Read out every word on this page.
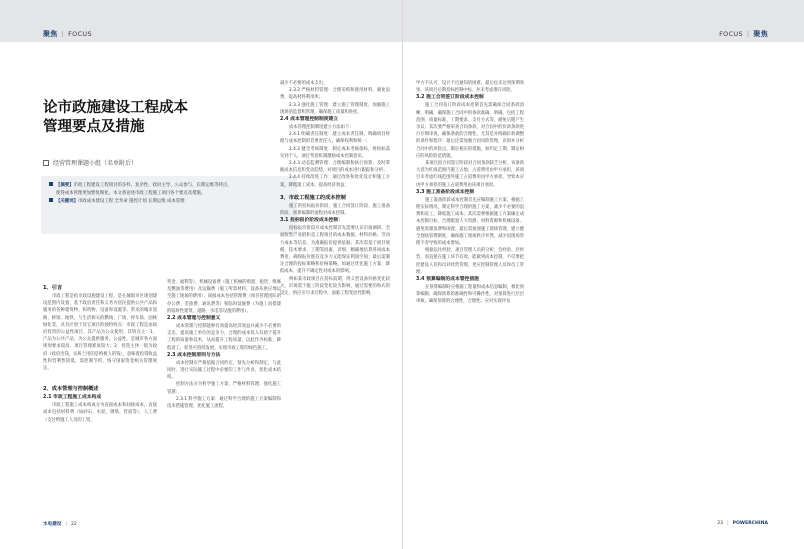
聚焦 | FOCUS	FOCUS | 聚焦
论市政施建设工程成本
管理要点及措施
经营管理课题小组（名单附后）
【摘要】市政工程建设工程项目的多样、复杂性、政府主导、公众参与、长期运维等特点，
使得成本管理更加繁复细化，本文将论述市政工程施工项目各个要点及措施。
【关键词】市政成本建设工程 全寿命 施控计划 长期运维 成本管理
1、引言
市政工程是指市政设施建设工程，是在城镇市区现划建设范围内设置、基于政府责任和义务为居民提供公共产品和服务的各种建筑物、构筑物、设备和设施等。常见的城市道路、桥梁、地铁、与生活相关的燃线、广场、停车场、园林绿化等，具有区别于其它项目的独特特点：市政工程是由政府投资的公益性项目，其产品为公众使用，其特点主：1、产品为公共产品，为公众提供服务。公益性，是城市各方面规划要求较高，项目管理难度较大；2、投资主体一般为政府（政府出钱，实质上用的是纳税人的钱），意味着投资收益性和营利性较低，需控制节约，恪守国家资金相关管理规定。
2、成本管理与控制概述
2.1 市政工程施工成本构成
市政工程施工成本构成分为直接成本和间接成本，直接成本包括材料费（如砂石、水泥、钢筋、管道等）、人工费（支付给施工人员的工资，
奖金、福利等）、机械设备费（施工机械的购置、租赁、维修及燃油等费用）及运输费（施工所需材料、设备从供应地运至施工现场的费用）；间接成本包括管理费（项目管理团队的办公费、差旅费、通讯费等）和临时设施费（为施工而搭建的临时性建筑、道路、水电等设施的费用）。
2.2 成本管理与控制意义
成本管理与控制能够有效提高经济效益并减少不必要的支出，提高施工单位的竞争力，合理的成本投入有助于提升工程的质量和技术，从而提升工程质量，以此作为标准，降低返工，促进可持续发展，实现市政工程的绿色施工。
2.3 成本控制原则与方法
成本控制应严格依据合同约定，预先分析和制定，与此同时，进行实际施工过程中必要的工作与作业，优化成本结构。
控制方法分为科学施工方案、严格材料管理、强化施工管理：
2.3.1 科学施工方案：通过科学合理的施工方案编制和技术措施管理，优化施工流程，
减少不必要的成本支出；
2.3.2 严格材料管理：合理采购和使用材料，避免浪费，提高材料利用率；
2.3.3 强化施工管理：建立施工管理制度，加强施工现场的监督和管理，确保施工质量和进度。
2.4 成本管理控制制度建立
成本管理控制制度建立方法如下：
2.4.1 明确责任制度：建立成本责任制，明确项目经理与成本控制的首要责任人，确保权利和统一；
2.4.2 健全考核制度：制定成本考核指标，将指标落实到个人，通过奖惩机制激励成本控制意识；
2.4.3 动态监测管理：合理编制和执行预算，及时掌握成本信息和变动趋势，对项目的成本进行跟踪和分析；
2.4.4 持续改进工作：通过改进和优化设计和施工方案，降低施工成本，提高经济效益；
3、市政工程施工的成本控制
施工的投标报价阶段、施工合同签订阶段、施工准备阶段、预算编制的流程对成本控制。
3.1 投标报价阶段成本控制：
投标报价阶段应成本控制首先需要认识市场调研，全面收集产业链和竞工程项目的成本数据、材料价格、劳动力成本等信息，为准确报价提供依据；其次需基于项目规模、技术要求、工期等因素，详细、精确地估算各项成本费用，确保报价既有竞争力又能保证利润空间；最后需制定合理的投标策略和价格策略，如通过优化施工方案、降低成本，提升不确定性对成本的影响。
例如某市政项目在投标前期，得义型设备价格变化较大，市场需于施工阶段变化较为影响，通过需要的和式的设定，供应应尽求过程中，面临工程变动性影响，
甲方不认可，设计不出通知的困难，最后也未达到预期效果，该项目后期投标控制中标，并未考虑潜在风险。
3.2 施工合同签订阶段成本控制
施工合同签订阶段成本控制首先需确保合同条款清晰、明确，确保施工合同中的条款准确、明确，包括工程范围、质量标准、工期要求、支付方式等，避免后期产生争议；其次要严格审查合同条款，对合同中的价款条款进行仔细审查，确保条款的合理性，尤其是并明确价款调整的条件和程序；最后还需加强合同风险管理，识别并分析合同中的风险点，制定相应的措施，如约定工期、制定相应的风险防范措施。
某项目因合同签订阶段对合同条款缺乏分析，该条款大意为红线范围内施工占地，占道费用由甲方承担，该项目未考虑红线范围外施工占道费用由甲方承担，导致本应由甲方承担的施工占道费用由该项目承担。
3.3 施工准备阶段成本控制
施工准备阶段成本控制首先应编制施工方案，根据工程实际情况，制定科学合理的施工方案，减少不必要的浪费和返工，降低施工成本；其次需要根据施工方案确定成本控制目标，合理配置人力资源、材料资源和机械设备，避免资源浪费和闲置；最后需加强施工现场管理，建立健全现场管理制度，确保施工现场秩序井然，减少因现场管理不善导致的成本增加。
根据以往经验，项目管理人员的分析、会经验、层经营，而直接在施工环节有效，能做到成本控制，不仅要把控建设人员和员对经营管理，更应控制管理人员和员工管理。
3.4 预算编制的成本管控措施
在预算编制时应根据工程量和成本信息编制，相比预算编制，确保预算的准确性和可操作性，对预算进行层层审核，确保预算的合理性，合理性。应对实现评估
水电建设 | 22	23 | POWERCHINA
